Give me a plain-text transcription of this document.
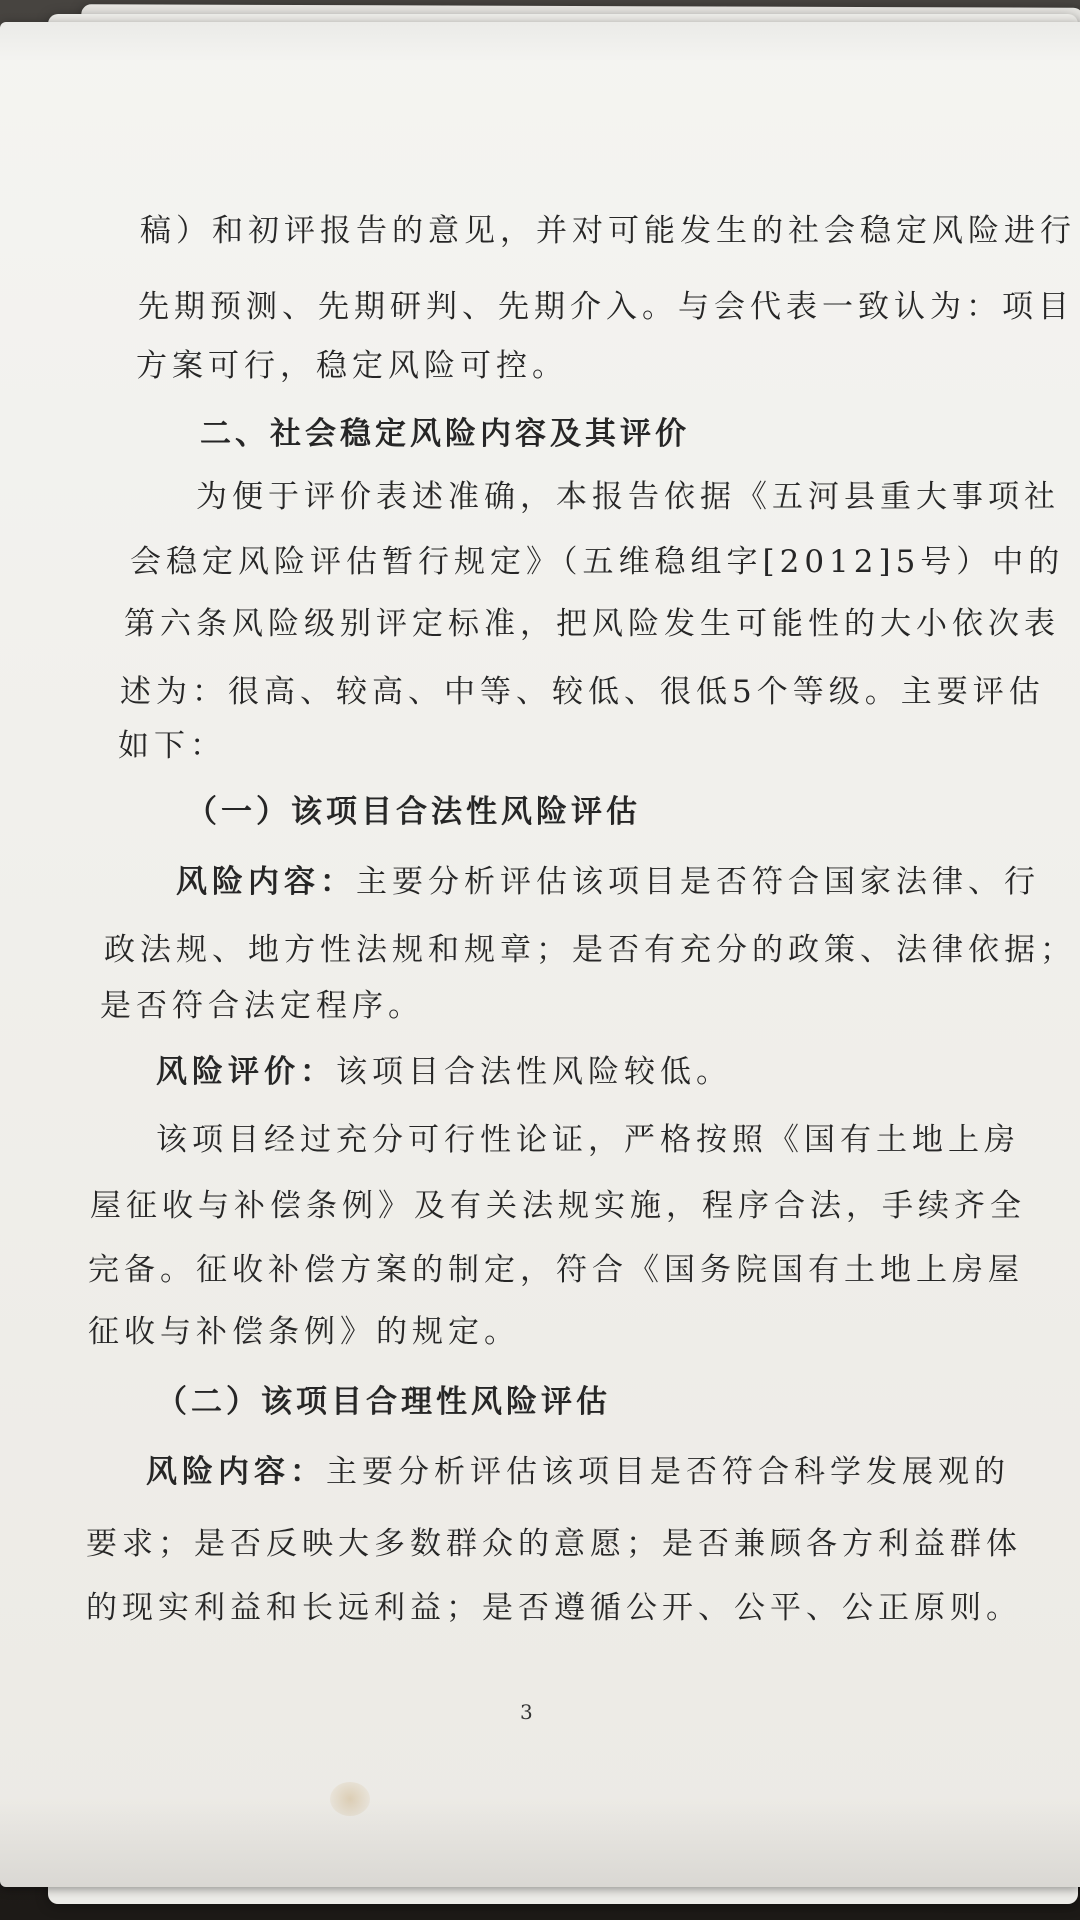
稿）和初评报告的意见，并对可能发生的社会稳定风险进行
先期预测、先期研判、先期介入。与会代表一致认为：项目
方案可行，稳定风险可控。
二、社会稳定风险内容及其评价
为便于评价表述准确，本报告依据《五河县重大事项社
会稳定风险评估暂行规定》（五维稳组字[2012]5号）中的
第六条风险级别评定标准，把风险发生可能性的大小依次表
述为：很高、较高、中等、较低、很低5个等级。主要评估
如下：
（一）该项目合法性风险评估
风险内容：主要分析评估该项目是否符合国家法律、行
政法规、地方性法规和规章；是否有充分的政策、法律依据；
是否符合法定程序。
风险评价：该项目合法性风险较低。
该项目经过充分可行性论证，严格按照《国有土地上房
屋征收与补偿条例》及有关法规实施，程序合法，手续齐全
完备。征收补偿方案的制定，符合《国务院国有土地上房屋
征收与补偿条例》的规定。
（二）该项目合理性风险评估
风险内容：主要分析评估该项目是否符合科学发展观的
要求；是否反映大多数群众的意愿；是否兼顾各方利益群体
的现实利益和长远利益；是否遵循公开、公平、公正原则。
3
